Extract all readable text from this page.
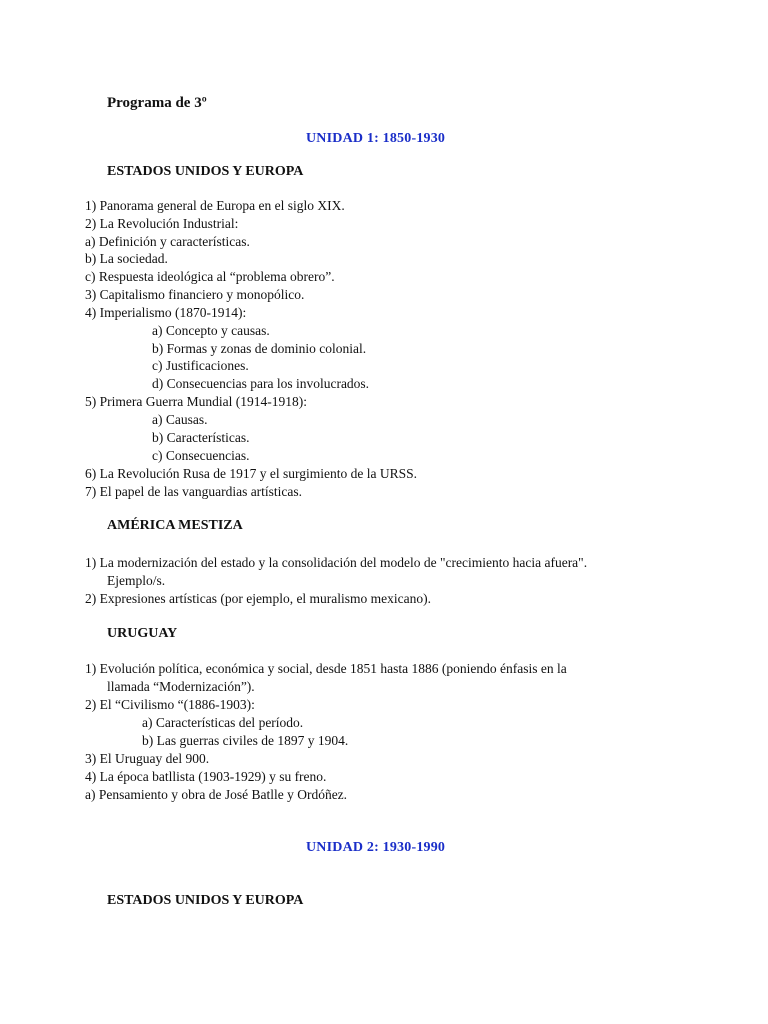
Programa de 3º
UNIDAD 1: 1850-1930
ESTADOS UNIDOS Y EUROPA
1) Panorama general de Europa en el siglo XIX.
2) La Revolución Industrial:
a) Definición y características.
b) La sociedad.
c) Respuesta ideológica al “problema obrero”.
3) Capitalismo financiero y monopólico.
4) Imperialismo (1870-1914):
a) Concepto y causas.
b) Formas y zonas de dominio colonial.
c) Justificaciones.
d) Consecuencias para los involucrados.
5) Primera Guerra Mundial (1914-1918):
a) Causas.
b) Características.
c) Consecuencias.
6) La Revolución Rusa de 1917 y el surgimiento de la URSS.
7) El papel de las vanguardias artísticas.
AMÉRICA MESTIZA
1) La modernización del estado y la consolidación del modelo de "crecimiento hacia afuera".
Ejemplo/s.
2) Expresiones artísticas (por ejemplo, el muralismo mexicano).
URUGUAY
1) Evolución política, económica y social, desde 1851 hasta 1886 (poniendo énfasis en la
llamada “Modernización”).
2) El “Civilismo “(1886-1903):
a) Características del período.
b) Las guerras civiles de 1897 y 1904.
3) El Uruguay del 900.
4) La época batllista (1903-1929) y su freno.
a) Pensamiento y obra de José Batlle y Ordóñez.
UNIDAD 2: 1930-1990
ESTADOS UNIDOS Y EUROPA
